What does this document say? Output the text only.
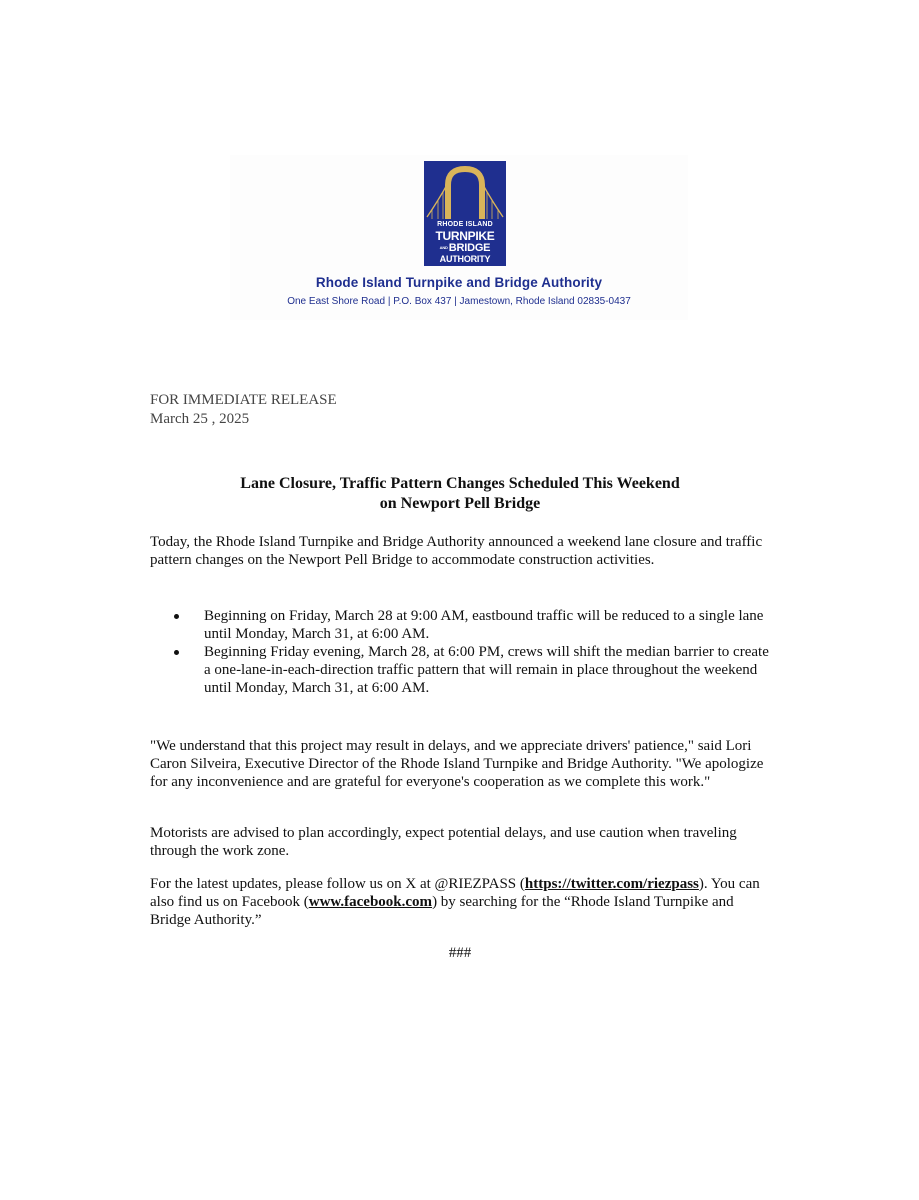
RHODE ISLAND
TURNPIKE
ANDBRIDGE
AUTHORITY
Rhode Island Turnpike and Bridge Authority
One East Shore Road | P.O. Box 437 | Jamestown, Rhode Island 02835-0437
FOR IMMEDIATE RELEASE
March 25 , 2025
Lane Closure, Traffic Pattern Changes Scheduled This Weekend
on Newport Pell Bridge
Today, the Rhode Island Turnpike and Bridge Authority announced a weekend lane closure and traffic pattern changes on the Newport Pell Bridge to accommodate construction activities.
Beginning on Friday, March 28 at 9:00 AM, eastbound traffic will be reduced to a single lane until Monday, March 31, at 6:00 AM.
Beginning Friday evening, March 28, at 6:00 PM, crews will shift the median barrier to create a one-lane-in-each-direction traffic pattern that will remain in place throughout the weekend until Monday, March 31, at 6:00 AM.
"We understand that this project may result in delays, and we appreciate drivers' patience," said Lori Caron Silveira, Executive Director of the Rhode Island Turnpike and Bridge Authority. "We apologize for any inconvenience and are grateful for everyone's cooperation as we complete this work."
Motorists are advised to plan accordingly, expect potential delays, and use caution when traveling through the work zone.
For the latest updates, please follow us on X at @RIEZPASS (https://twitter.com/riezpass). You can also find us on Facebook (www.facebook.com) by searching for the “Rhode Island Turnpike and Bridge Authority.”
###
